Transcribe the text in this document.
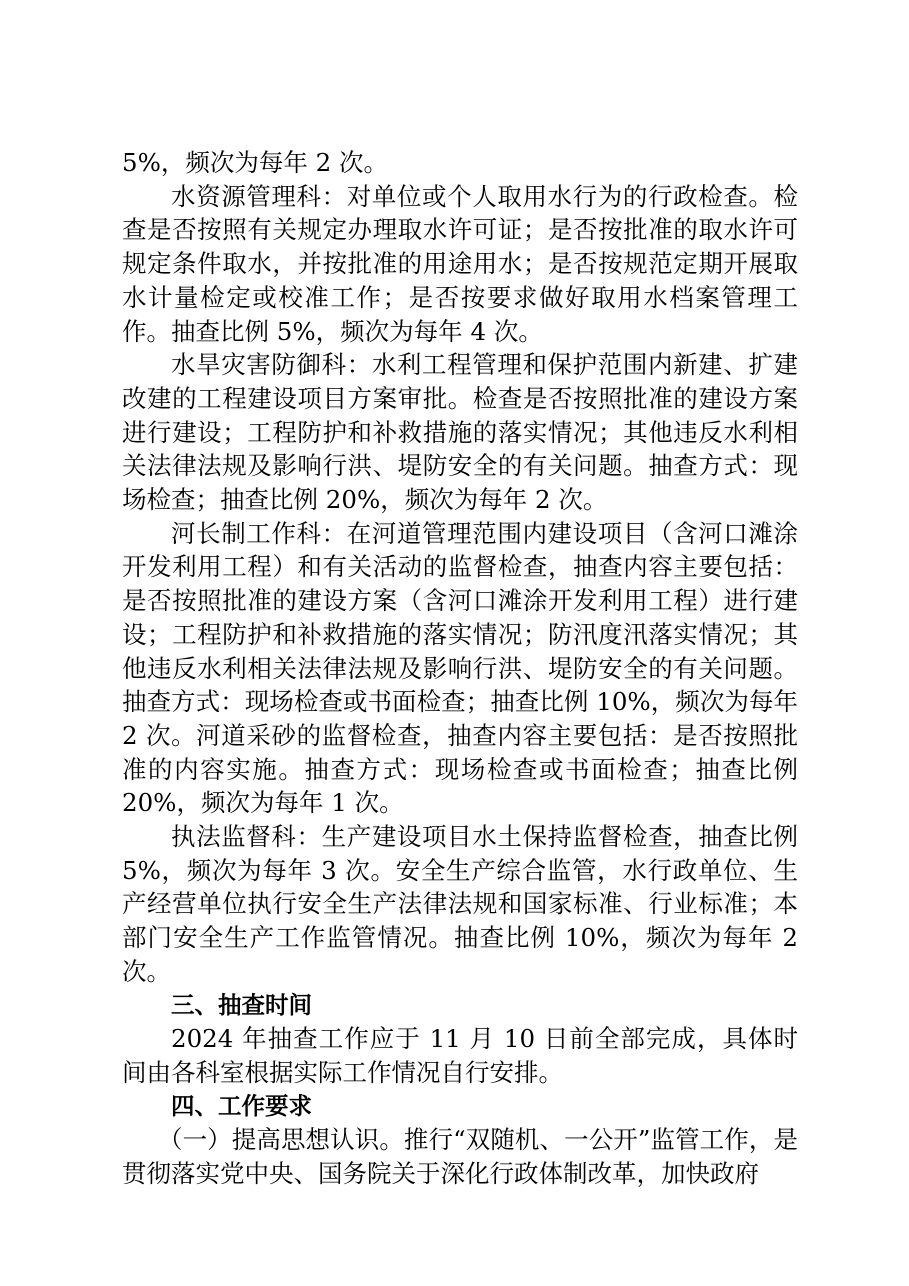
5%，频次为每年 2 次。

水资源管理科：对单位或个人取用水行为的行政检查。检查是否按照有关规定办理取水许可证；是否按批准的取水许可规定条件取水，并按批准的用途用水；是否按规范定期开展取水计量检定或校准工作；是否按要求做好取用水档案管理工作。抽查比例 5%，频次为每年 4 次。

水旱灾害防御科：水利工程管理和保护范围内新建、扩建改建的工程建设项目方案审批。检查是否按照批准的建设方案进行建设；工程防护和补救措施的落实情况；其他违反水利相关法律法规及影响行洪、堤防安全的有关问题。抽查方式：现场检查；抽查比例 20%，频次为每年 2 次。

河长制工作科：在河道管理范围内建设项目（含河口滩涂开发利用工程）和有关活动的监督检查，抽查内容主要包括：是否按照批准的建设方案（含河口滩涂开发利用工程）进行建设；工程防护和补救措施的落实情况；防汛度汛落实情况；其他违反水利相关法律法规及影响行洪、堤防安全的有关问题。抽查方式：现场检查或书面检查；抽查比例 10%，频次为每年 2 次。河道采砂的监督检查，抽查内容主要包括：是否按照批准的内容实施。抽查方式：现场检查或书面检查；抽查比例 20%，频次为每年 1 次。

执法监督科：生产建设项目水土保持监督检查，抽查比例 5%，频次为每年 3 次。安全生产综合监管，水行政单位、生产经营单位执行安全生产法律法规和国家标准、行业标准；本部门安全生产工作监管情况。抽查比例 10%，频次为每年 2 次。

三、抽查时间

2024 年抽查工作应于 11 月 10 日前全部完成，具体时间由各科室根据实际工作情况自行安排。

四、工作要求

（一）提高思想认识。推行“双随机、一公开”监管工作，是贯彻落实党中央、国务院关于深化行政体制改革，加快政府
